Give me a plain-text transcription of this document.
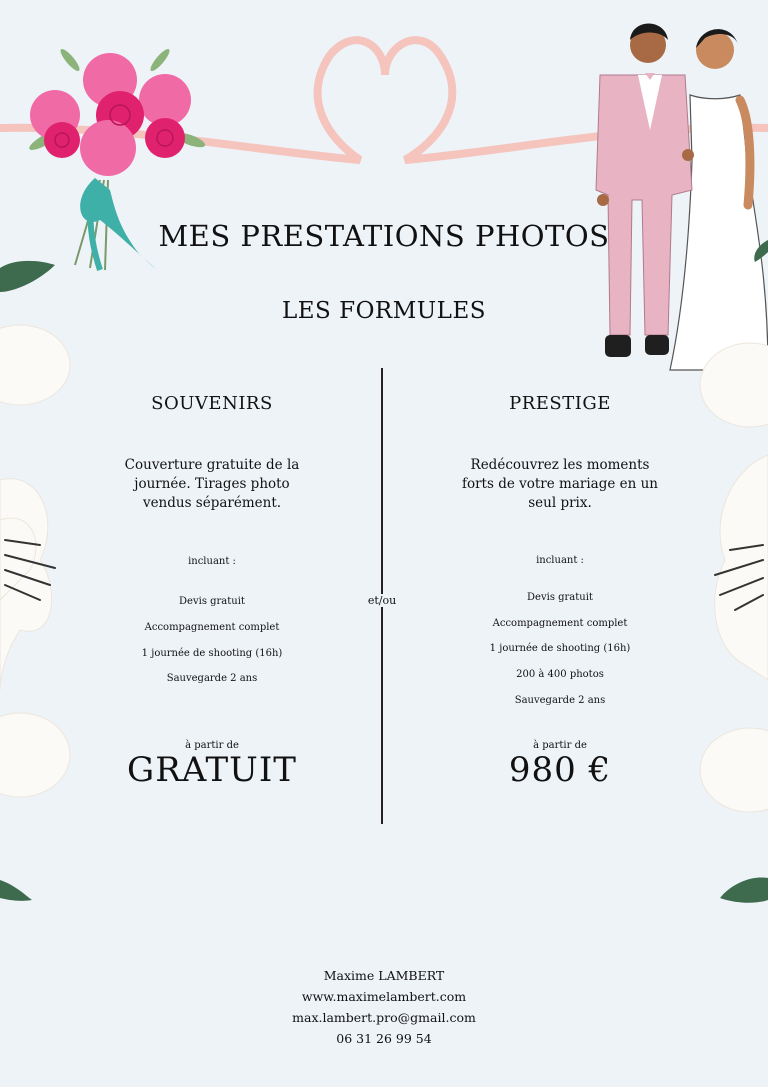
MES PRESTATIONS PHOTOS
LES FORMULES
et/ou
SOUVENIRS
Couverture gratuite de la
journée. Tirages photo
vendus séparément.
incluant :
Devis gratuit
Accompagnement complet
1 journée de shooting (16h)
Sauvegarde 2 ans
à partir de
GRATUIT
PRESTIGE
Redécouvrez les moments
forts de votre mariage en un
seul prix.
incluant :
Devis gratuit
Accompagnement complet
1 journée de shooting (16h)
200 à 400 photos
Sauvegarde 2 ans
à partir de
980 €
Maxime LAMBERT
www.maximelambert.com
max.lambert.pro@gmail.com
06 31 26 99 54
